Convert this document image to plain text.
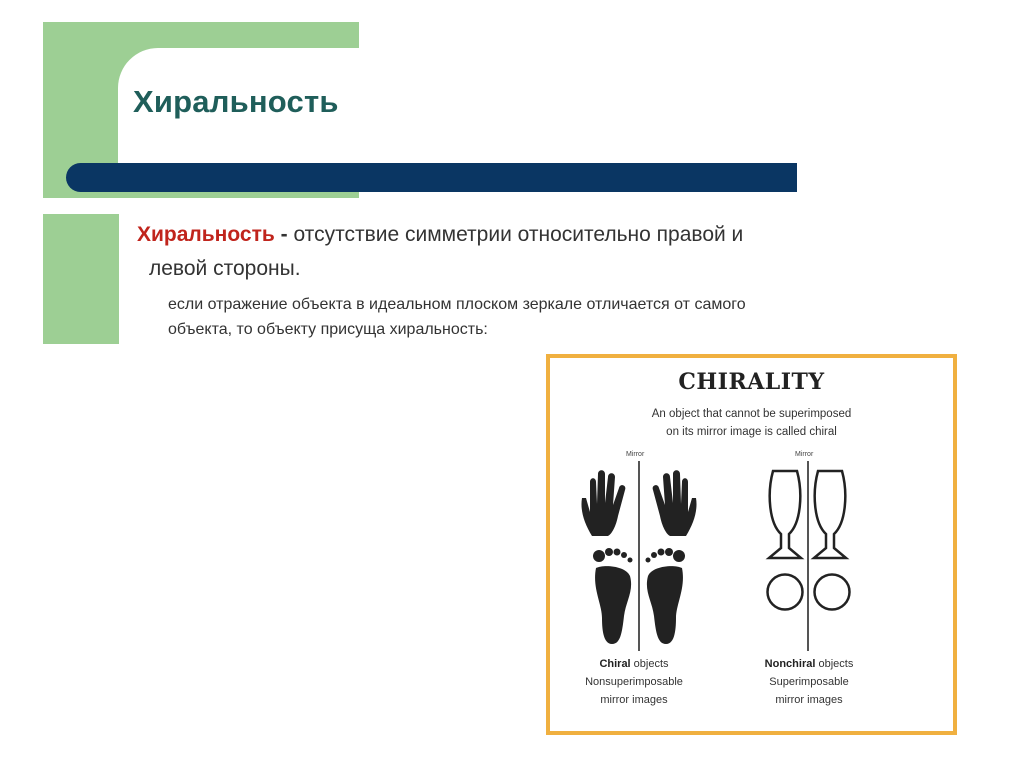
Хиральность
Хиральность - отсутствие симметрии относительно правой и
левой стороны.
если отражение объекта в идеальном плоском зеркале отличается от самого
объекта, то объекту присуща хиральность:
CHIRALITY
An object that cannot be superimposed
on its mirror image is called chiral
Mirror
Chiral objects
Nonsuperimposable
mirror images
Mirror
Nonchiral objects
Superimposable
mirror images
